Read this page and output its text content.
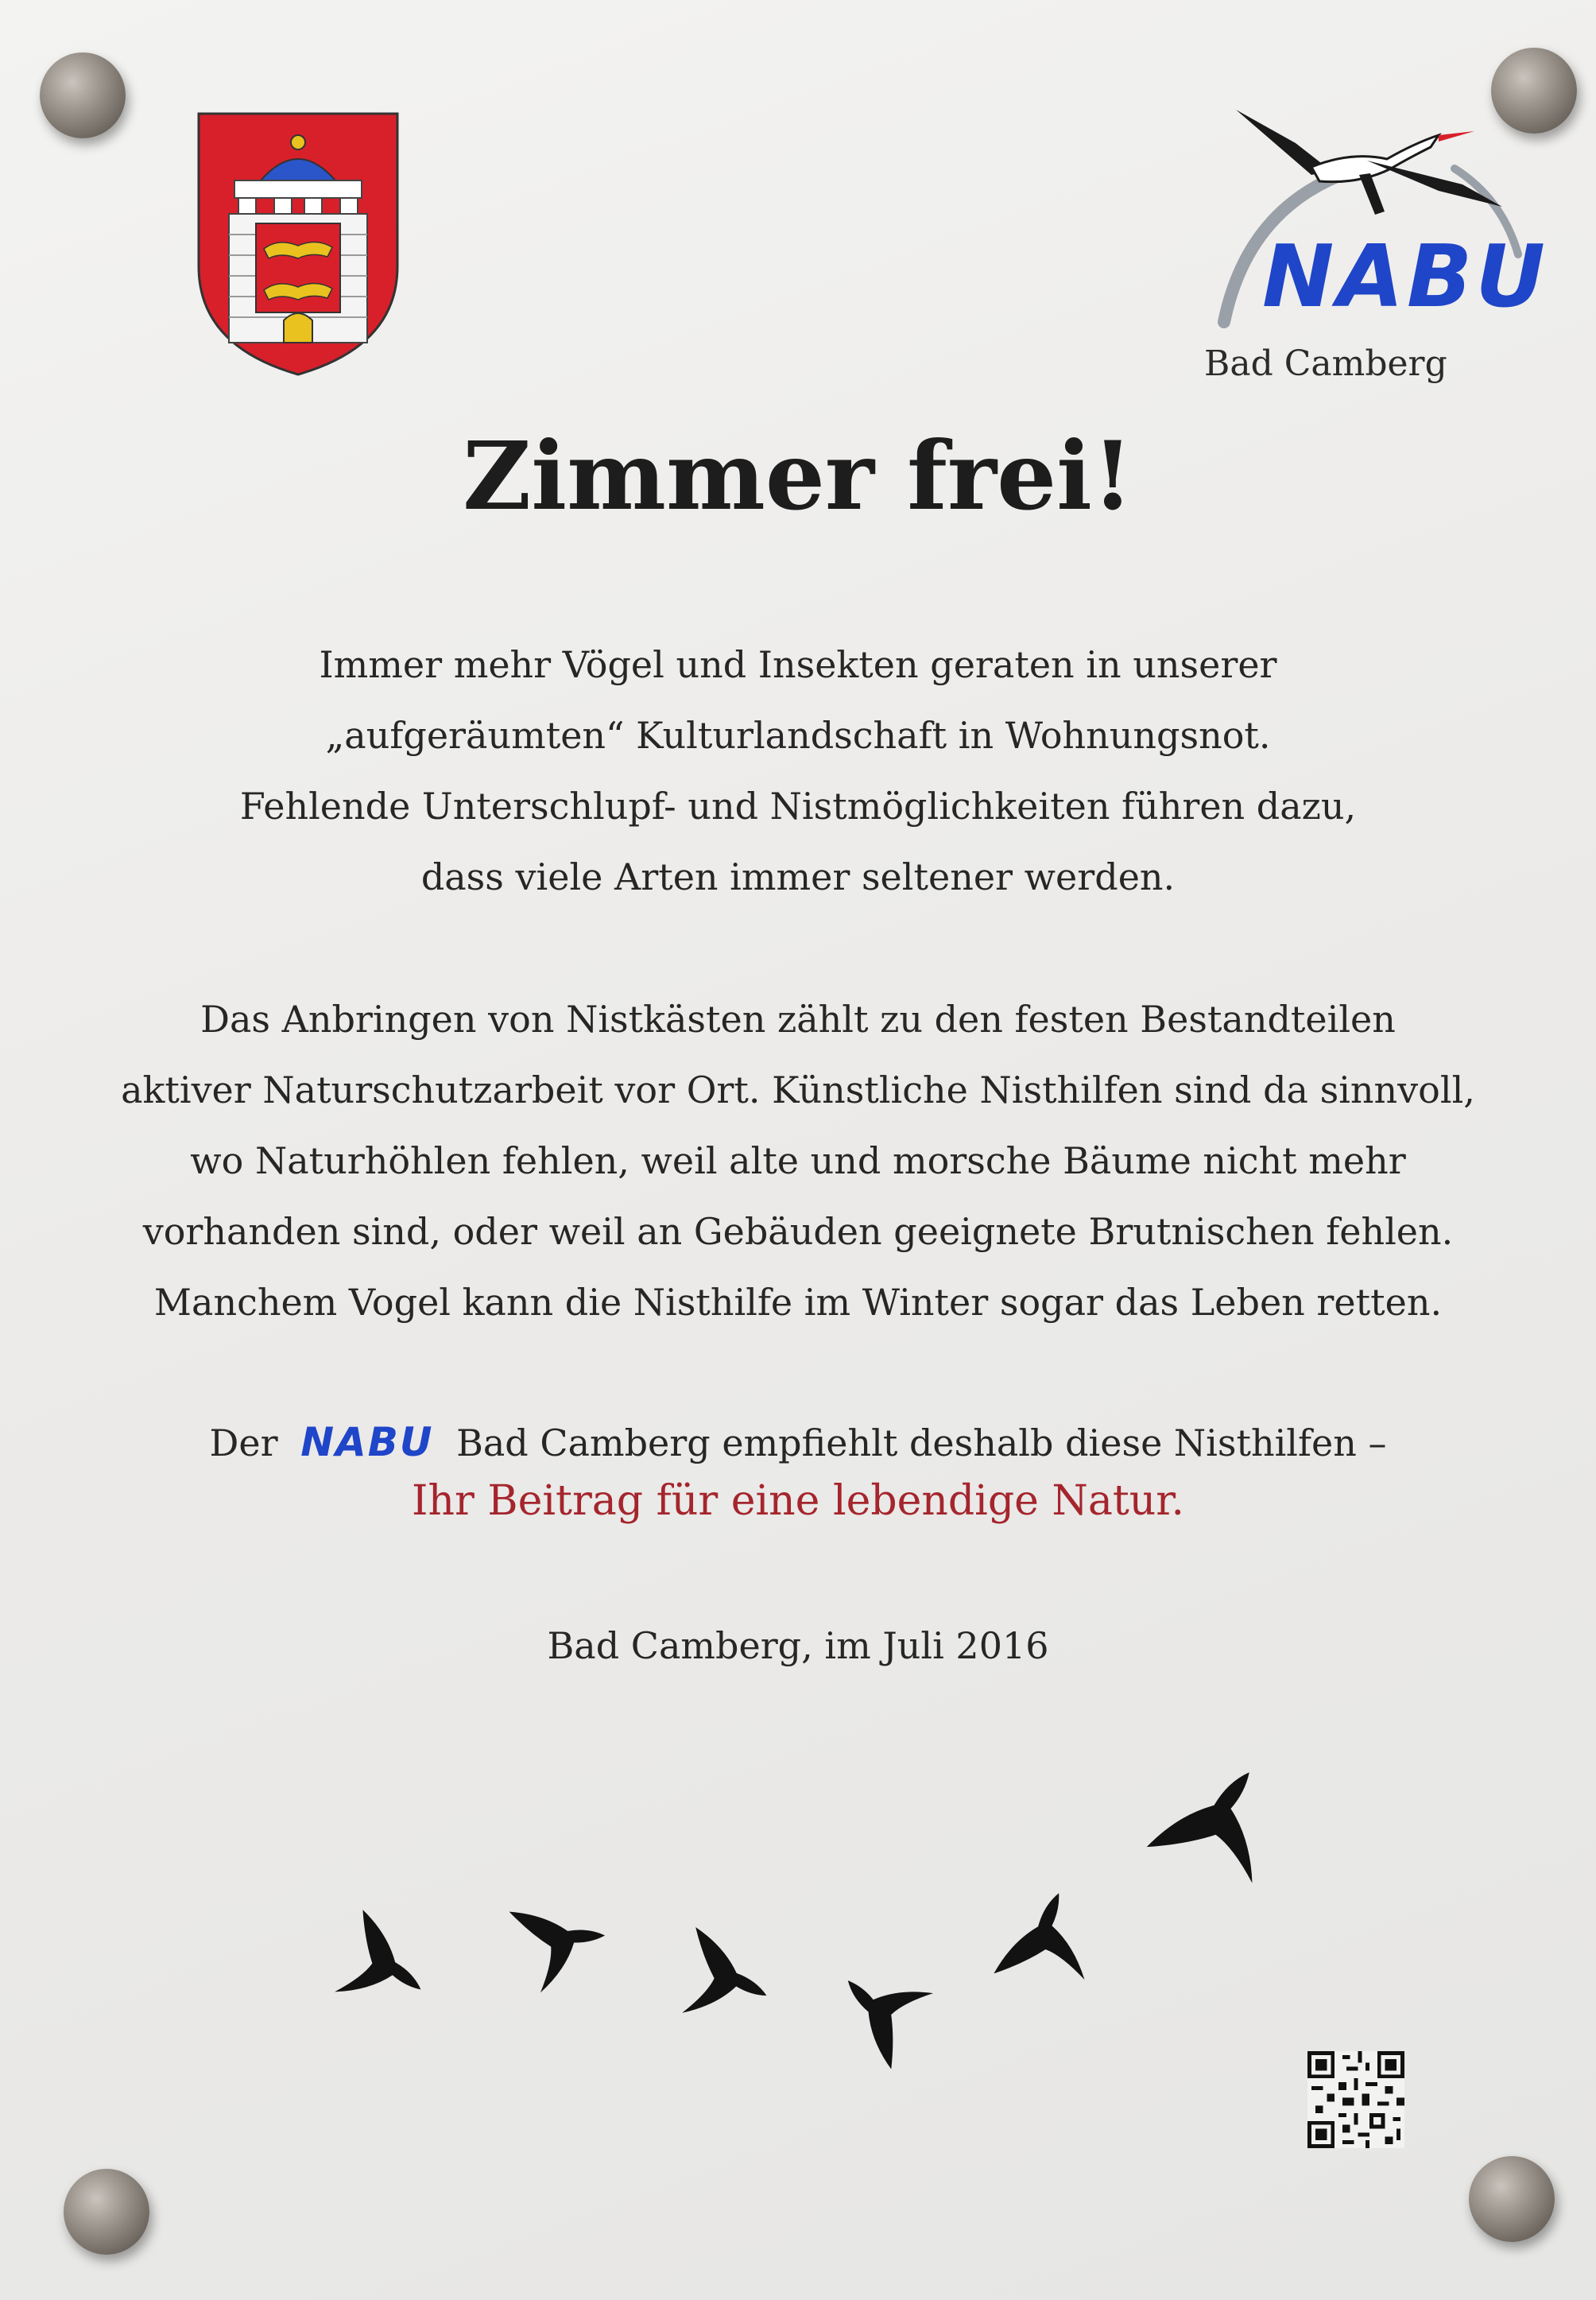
NABU
Bad Camberg
Zimmer frei!
Immer mehr Vögel und Insekten geraten in unserer
„aufgeräumten“ Kulturlandschaft in Wohnungsnot.
Fehlende Unterschlupf- und Nistmöglichkeiten führen dazu,
dass viele Arten immer seltener werden.
Das Anbringen von Nistkästen zählt zu den festen Bestandteilen
aktiver Naturschutzarbeit vor Ort. Künstliche Nisthilfen sind da sinnvoll,
wo Naturhöhlen fehlen, weil alte und morsche Bäume nicht mehr
vorhanden sind, oder weil an Gebäuden geeignete Brutnischen fehlen.
Manchem Vogel kann die Nisthilfe im Winter sogar das Leben retten.
Der NABU Bad Camberg empfiehlt deshalb diese Nisthilfen –
Ihr Beitrag für eine lebendige Natur.
Bad Camberg, im Juli 2016
